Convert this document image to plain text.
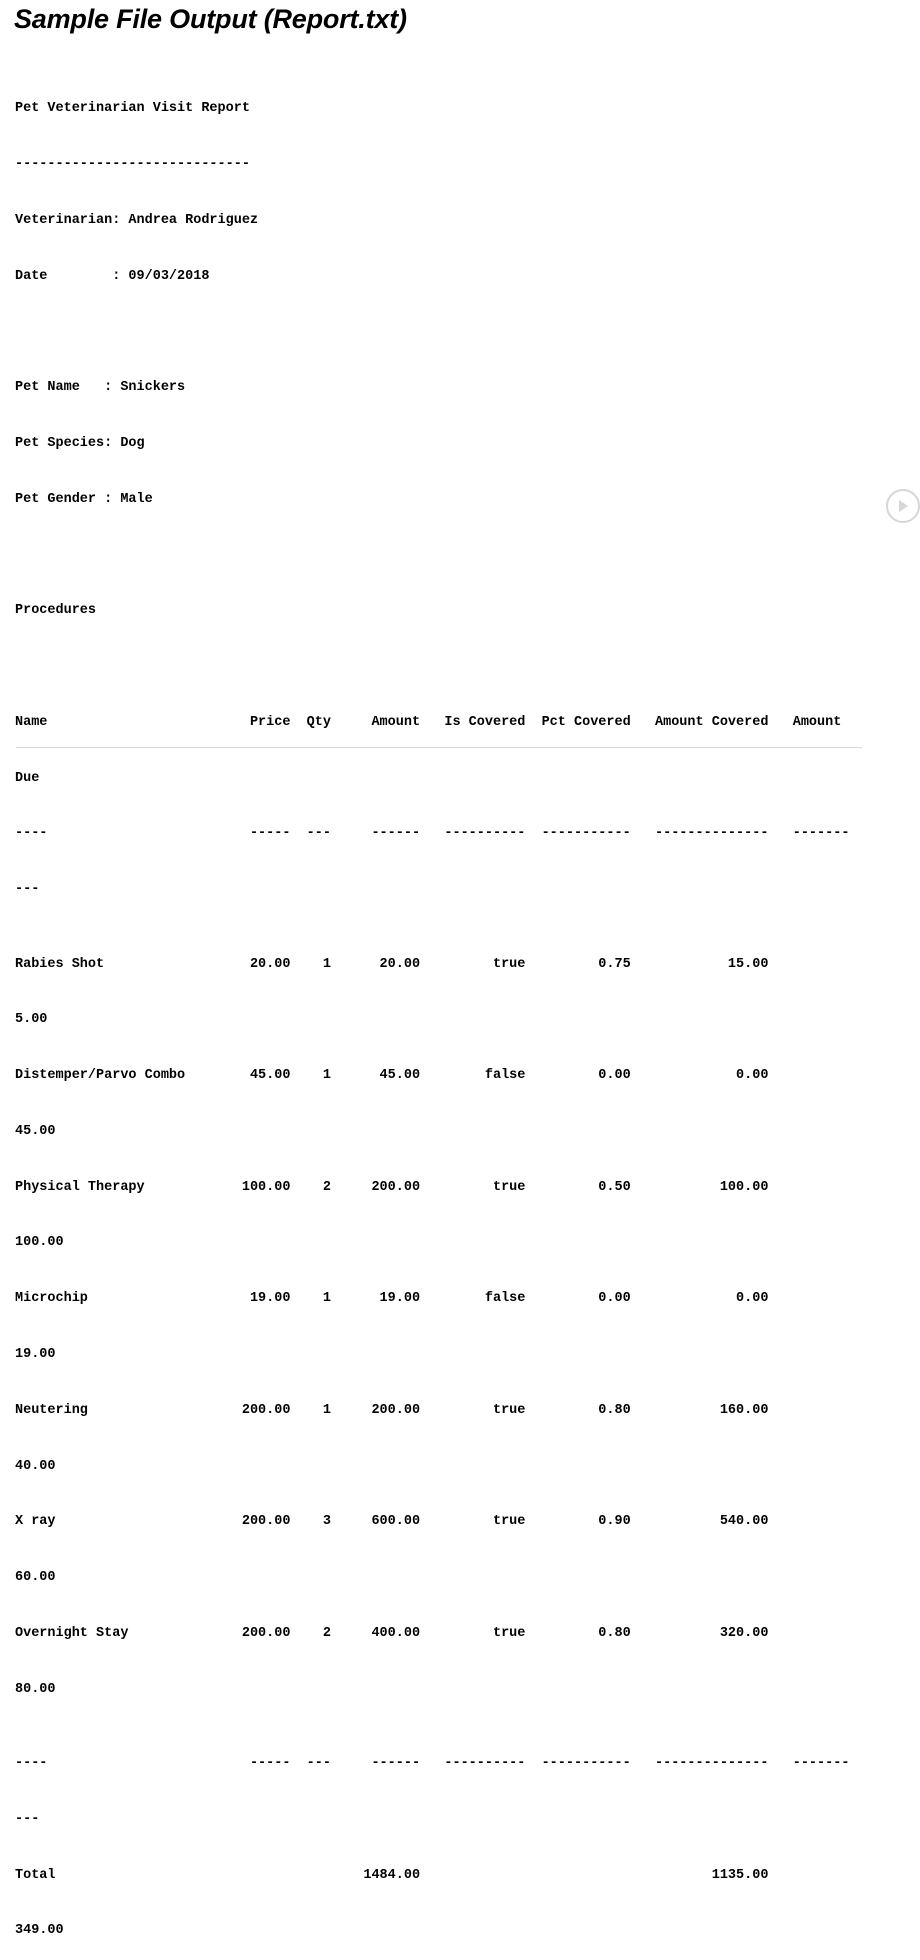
Sample File Output (Report.txt)

Pet Veterinarian Visit Report

-----------------------------

Veterinarian: Andrea Rodriguez

Date        : 09/03/2018

Pet Name   : Snickers

Pet Species: Dog

Pet Gender : Male

Procedures

Name                         Price  Qty     Amount   Is Covered  Pct Covered   Amount Covered   Amount

Due

----                         -----  ---     ------   ----------  -----------   --------------   -------

---

Rabies Shot                  20.00    1      20.00         true         0.75            15.00

5.00

Distemper/Parvo Combo        45.00    1      45.00        false         0.00             0.00

45.00

Physical Therapy            100.00    2     200.00         true         0.50           100.00

100.00

Microchip                    19.00    1      19.00        false         0.00             0.00

19.00

Neutering                   200.00    1     200.00         true         0.80           160.00

40.00

X ray                       200.00    3     600.00         true         0.90           540.00

60.00

Overnight Stay              200.00    2     400.00         true         0.80           320.00

80.00

----                         -----  ---     ------   ----------  -----------   --------------   -------

---

Total                                      1484.00                                    1135.00

349.00
